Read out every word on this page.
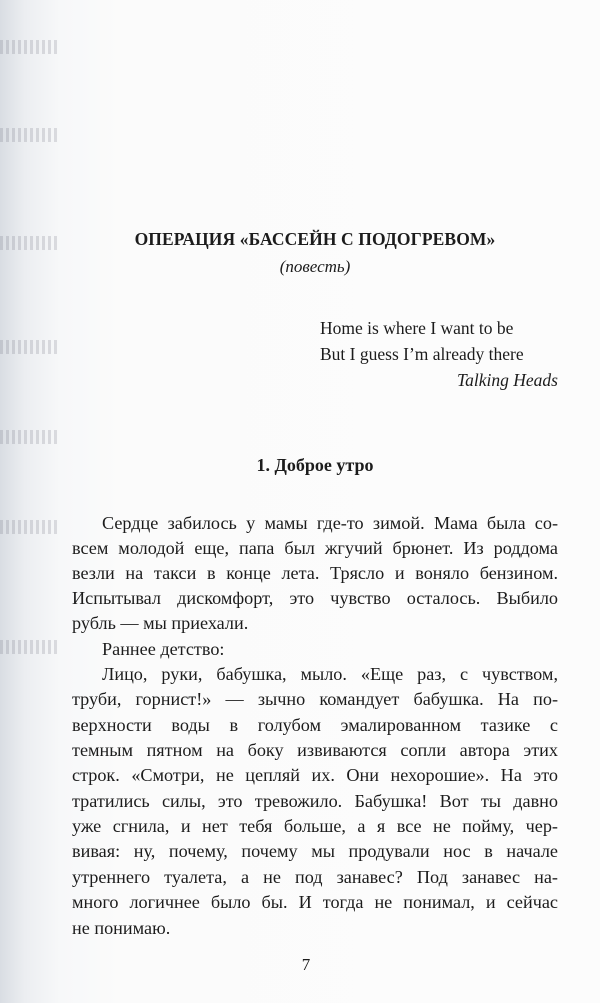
ОПЕРАЦИЯ «БАССЕЙН С ПОДОГРЕВОМ»
(повесть)
Home is where I want to be
But I guess I’m already there
Talking Heads
1. Доброе утро
Сердце забилось у мамы где-то зимой. Мама была со-
всем молодой еще, папа был жгучий брюнет. Из роддома
везли на такси в конце лета. Трясло и воняло бензином.
Испытывал дискомфорт, это чувство осталось. Выбило
рубль — мы приехали.
Раннее детство:
Лицо, руки, бабушка, мыло. «Еще раз, с чувством,
труби, горнист!» — зычно командует бабушка. На по-
верхности воды в голубом эмалированном тазике с
темным пятном на боку извиваются сопли автора этих
строк. «Смотри, не цепляй их. Они нехорошие». На это
тратились силы, это тревожило. Бабушка! Вот ты давно
уже сгнила, и нет тебя больше, а я все не пойму, чер-
вивая: ну, почему, почему мы продували нос в начале
утреннего туалета, а не под занавес? Под занавес на-
много логичнее было бы. И тогда не понимал, и сейчас
не понимаю.
7
